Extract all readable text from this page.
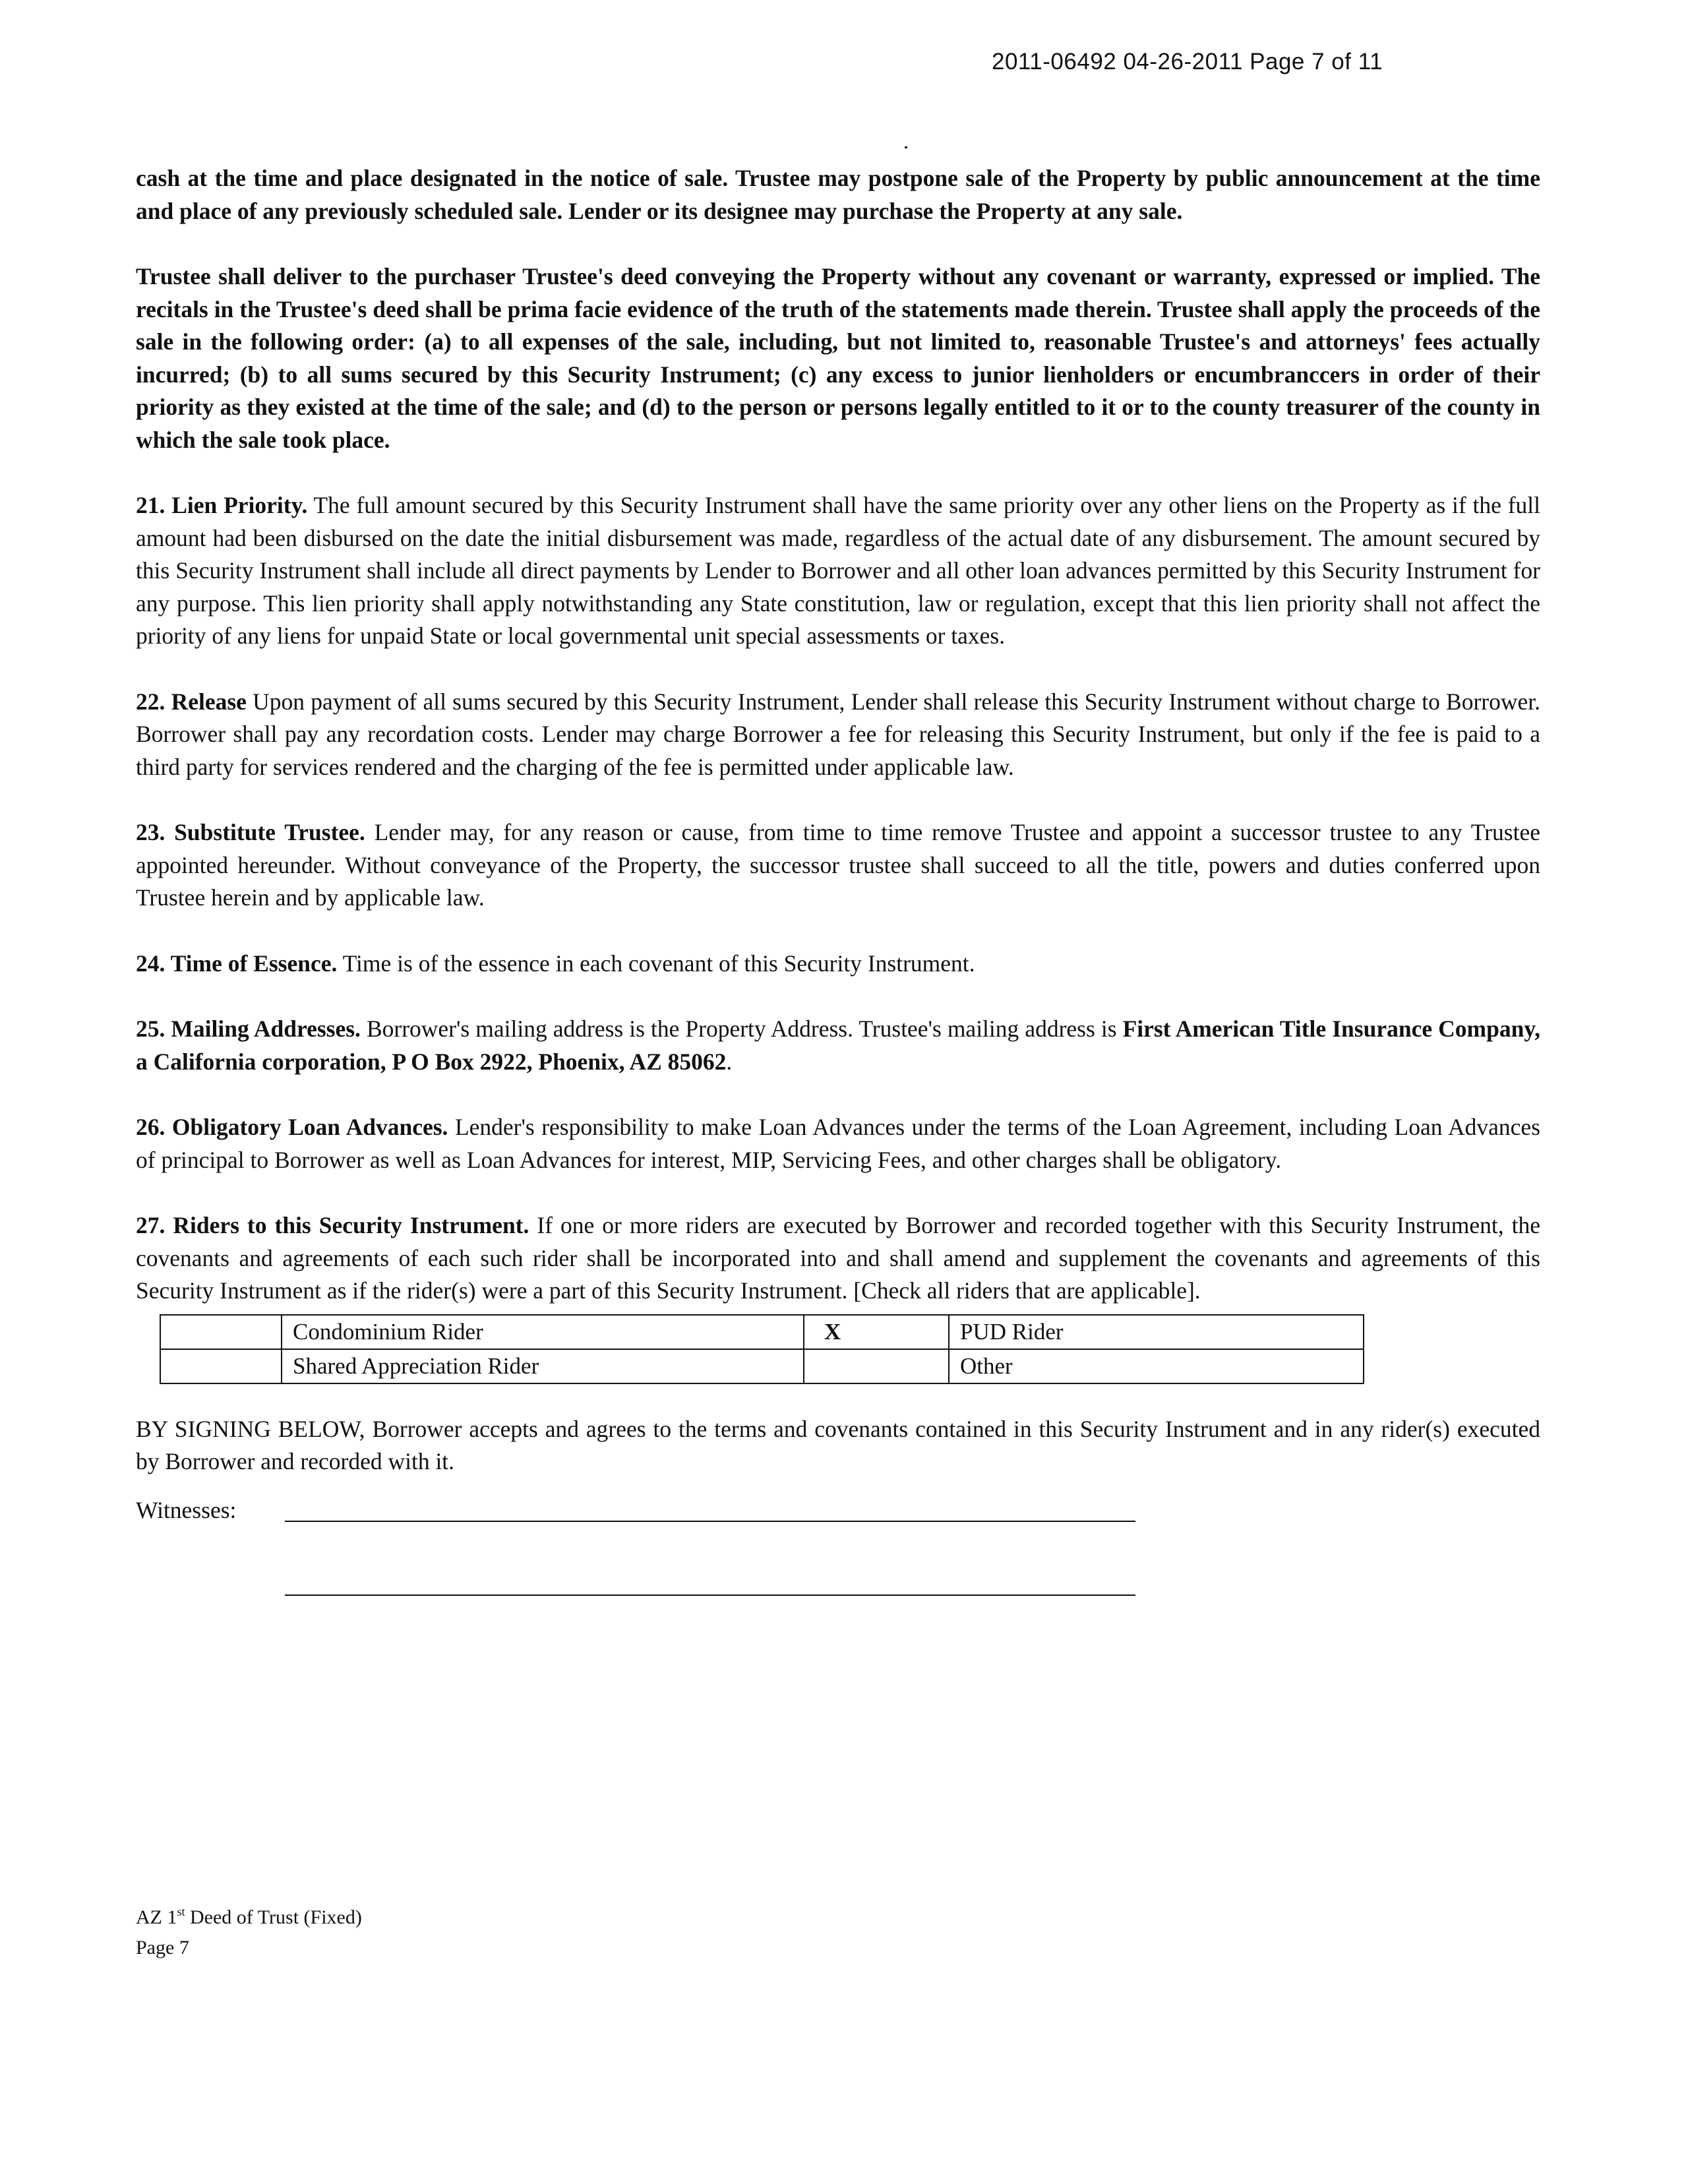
2011-06492 04-26-2011 Page 7 of 11

cash at the time and place designated in the notice of sale. Trustee may postpone sale of the Property by public announcement at the time and place of any previously scheduled sale. Lender or its designee may purchase the Property at any sale.

Trustee shall deliver to the purchaser Trustee's deed conveying the Property without any covenant or warranty, expressed or implied. The recitals in the Trustee's deed shall be prima facie evidence of the truth of the statements made therein. Trustee shall apply the proceeds of the sale in the following order: (a) to all expenses of the sale, including, but not limited to, reasonable Trustee's and attorneys' fees actually incurred; (b) to all sums secured by this Security Instrument; (c) any excess to junior lienholders or encumbranccers in order of their priority as they existed at the time of the sale; and (d) to the person or persons legally entitled to it or to the county treasurer of the county in which the sale took place.

21. Lien Priority. The full amount secured by this Security Instrument shall have the same priority over any other liens on the Property as if the full amount had been disbursed on the date the initial disbursement was made, regardless of the actual date of any disbursement. The amount secured by this Security Instrument shall include all direct payments by Lender to Borrower and all other loan advances permitted by this Security Instrument for any purpose. This lien priority shall apply notwithstanding any State constitution, law or regulation, except that this lien priority shall not affect the priority of any liens for unpaid State or local governmental unit special assessments or taxes.

22. Release Upon payment of all sums secured by this Security Instrument, Lender shall release this Security Instrument without charge to Borrower. Borrower shall pay any recordation costs. Lender may charge Borrower a fee for releasing this Security Instrument, but only if the fee is paid to a third party for services rendered and the charging of the fee is permitted under applicable law.

23. Substitute Trustee. Lender may, for any reason or cause, from time to time remove Trustee and appoint a successor trustee to any Trustee appointed hereunder. Without conveyance of the Property, the successor trustee shall succeed to all the title, powers and duties conferred upon Trustee herein and by applicable law.

24. Time of Essence. Time is of the essence in each covenant of this Security Instrument.

25. Mailing Addresses. Borrower's mailing address is the Property Address. Trustee's mailing address is First American Title Insurance Company, a California corporation, P O Box 2922, Phoenix, AZ 85062.

26. Obligatory Loan Advances. Lender's responsibility to make Loan Advances under the terms of the Loan Agreement, including Loan Advances of principal to Borrower as well as Loan Advances for interest, MIP, Servicing Fees, and other charges shall be obligatory.

27. Riders to this Security Instrument. If one or more riders are executed by Borrower and recorded together with this Security Instrument, the covenants and agreements of each such rider shall be incorporated into and shall amend and supplement the covenants and agreements of this Security Instrument as if the rider(s) were a part of this Security Instrument. [Check all riders that are applicable].

	Condominium Rider	X	PUD Rider
	Shared Appreciation Rider		Other

BY SIGNING BELOW, Borrower accepts and agrees to the terms and covenants contained in this Security Instrument and in any rider(s) executed by Borrower and recorded with it.

Witnesses:
AZ 1st Deed of Trust (Fixed)
Page 7
